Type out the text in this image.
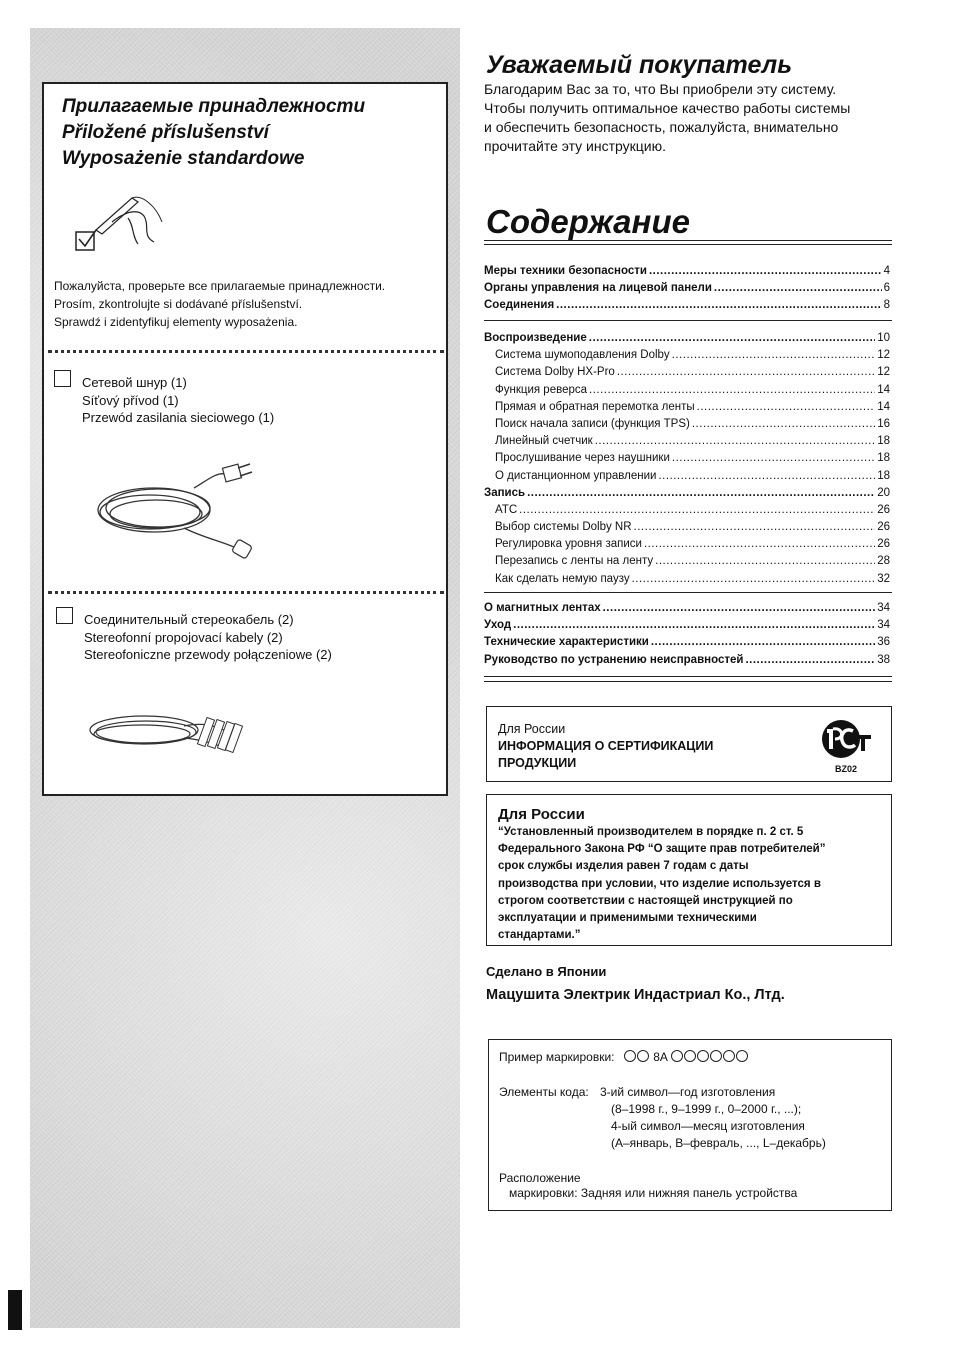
Прилагаемые принадлежности
Přiložené příslušenství
Wyposażenie standardowe
Пожалуйста, проверьте все прилагаемые принадлежности.
Prosím, zkontrolujte si dodávané příslušenství.
Sprawdź i zidentyfikuj elementy wyposażenia.
Сетевой шнур (1)
Síťový přívod (1)
Przewód zasilania sieciowego (1)
Соединительный стереокабель (2)
Stereofonní propojovací kabely (2)
Stereofoniczne przewody połączeniowe (2)
Уважаемый покупатель
Благодарим Вас за то, что Вы приобрели эту систему.
Чтобы получить оптимальное качество работы системы
и обеспечить безопасность, пожалуйста, внимательно
прочитайте эту инструкцию.
Содержание
Меры техники безопасности .....	4
Органы управления на лицевой панели .....	6
Соединения .....	8
Воспроизведение .....	10
Система шумоподавления Dolby .....	12
Система Dolby HX-Pro .....	12
Функция реверса .....	14
Прямая и обратная перемотка ленты .....	14
Поиск начала записи (функция TPS) .....	16
Линейный счетчик .....	18
Прослушивание через наушники .....	18
О дистанционном управлении .....	18
Запись .....	20
ATC .....	26
Выбор системы Dolby NR .....	26
Регулировка уровня записи .....	26
Перезапись с ленты на ленту .....	28
Как сделать немую паузу .....	32
О магнитных лентах .....	34
Уход .....	34
Технические характеристики .....	36
Руководство по устранению неисправностей .....	38
Для России
ИНФОРМАЦИЯ О СЕРТИФИКАЦИИ
ПРОДУКЦИИ	BZ02
Для России
“Установленный производителем в порядке п. 2 ст. 5
Федерального Закона РФ “О защите прав потребителей”
срок службы изделия равен 7 годам с даты
производства при условии, что изделие используется в
строгом соответствии с настоящей инструкцией по
эксплуатации и применимыми техническими
стандартами.”
Сделано в Японии
Мацушита Электрик Индастриал Ко., Лтд.
Пример маркировки:	8A
Элементы кода: 3-ий символ—год изготовления
(8–1998 г., 9–1999 г., 0–2000 г., ...);
4-ый символ—месяц изготовления
(A–январь, B–февраль, ..., L–декабрь)
Расположение
маркировки: Задняя или нижняя панель устройства
